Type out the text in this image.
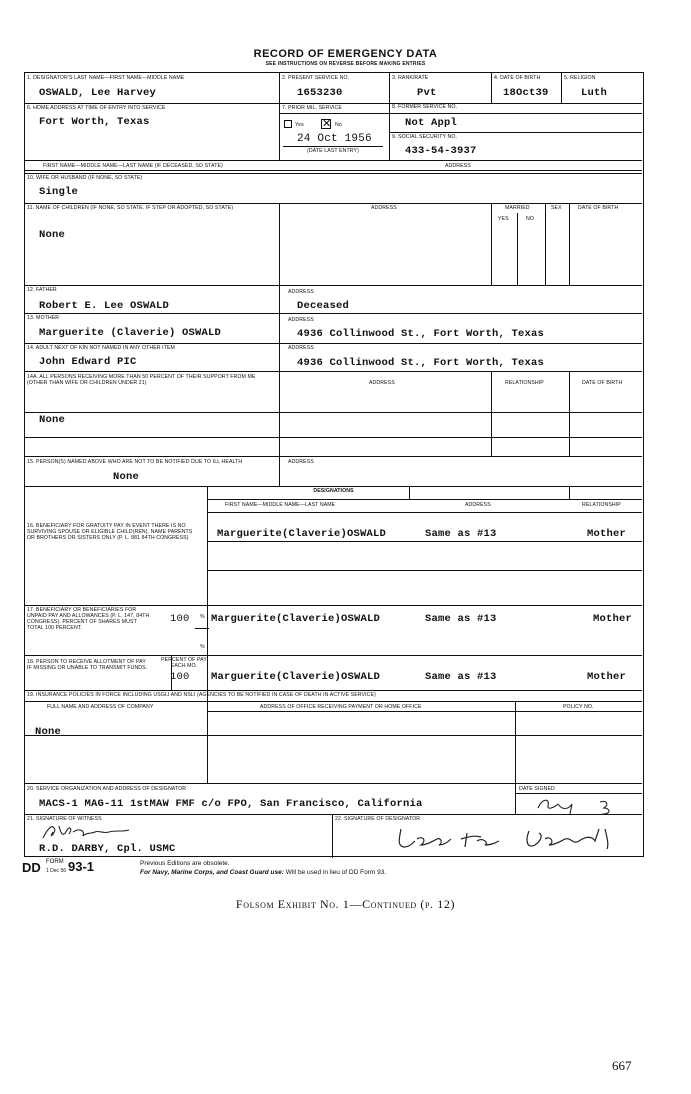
RECORD OF EMERGENCY DATA
SEE INSTRUCTIONS ON REVERSE BEFORE MAKING ENTRIES
1. DESIGNATOR'S LAST NAME—FIRST NAME—MIDDLE NAME
OSWALD, Lee Harvey
2. PRESENT SERVICE NO.
1653230
3. RANK/RATE
Pvt
4. DATE OF BIRTH
18Oct39
5. RELIGION
Luth
6. HOME ADDRESS AT TIME OF ENTRY INTO SERVICE
Fort Worth, Texas
7. PRIOR MIL. SERVICE
Yes ✕ No
24 Oct 1956
(DATE LAST ENTRY)
8. FORMER SERVICE NO.
Not Appl
9. SOCIAL SECURITY NO.
433-54-3937
FIRST NAME—MIDDLE NAME—LAST NAME (IF DECEASED, SO STATE)	ADDRESS
10. WIFE OR HUSBAND (IF NONE, SO STATE)
Single
11. NAME OF CHILDREN (IF NONE, SO STATE. IF STEP OR ADOPTED, SO STATE)	ADDRESS	MARRIED
YES	NO
SEX	DATE OF BIRTH
None
12. FATHER
Robert E. Lee OSWALD
ADDRESS
Deceased
13. MOTHER
Marguerite (Claverie) OSWALD
ADDRESS
4936 Collinwood St., Fort Worth, Texas
14. ADULT NEXT OF KIN NOT NAMED IN ANY OTHER ITEM
John Edward PIC
ADDRESS
4936 Collinwood St., Fort Worth, Texas
14A. ALL PERSONS RECEIVING MORE THAN 50 PERCENT OF THEIR SUPPORT FROM ME (OTHER THAN WIFE OR CHILDREN UNDER 21)	ADDRESS	RELATIONSHIP	DATE OF BIRTH
None
15. PERSON(S) NAMED ABOVE WHO ARE NOT TO BE NOTIFIED DUE TO ILL HEALTH
None
ADDRESS
DESIGNATIONS
FIRST NAME—MIDDLE NAME—LAST NAME	ADDRESS	RELATIONSHIP
16. BENEFICIARY FOR GRATUITY PAY IN EVENT THERE IS NO SURVIVING SPOUSE OR ELIGIBLE CHILD(REN). NAME PARENTS OR BROTHERS OR SISTERS ONLY (P. L. 881 84TH CONGRESS)	Marguerite(Claverie)OSWALD	Same as #13	Mother
17. BENEFICIARY OR BENEFICIARIES FOR UNPAID PAY AND ALLOWANCES (P. L. 147, 84TH CONGRESS). PERCENT OF SHARES MUST TOTAL 100 PERCENT.
100 %
%
Marguerite(Claverie)OSWALD	Same as #13	Mother
18. PERSON TO RECEIVE ALLOTMENT OF PAY IF MISSING OR UNABLE TO TRANSMIT FUNDS.
PERCENT OF PAY EACH MO.
100 Marguerite(Claverie)OSWALD	Same as #13	Mother
19. INSURANCE POLICIES IN FORCE INCLUDING USGLI AND NSLI (AGENCIES TO BE NOTIFIED IN CASE OF DEATH IN ACTIVE SERVICE)
FULL NAME AND ADDRESS OF COMPANY	ADDRESS OF OFFICE RECEIVING PAYMENT OR HOME OFFICE	POLICY NO.
None
20. SERVICE ORGANIZATION AND ADDRESS OF DESIGNATOR
MACS-1 MAG-11 1stMAW FMF c/o FPO, San Francisco, California
DATE SIGNED
21. SIGNATURE OF WITNESS
R.D. DARBY, Cpl. USMC
22. SIGNATURE OF DESIGNATOR
DD FORM
1 Dec 56 93-1	Previous Editions are obsolete.
For Navy, Marine Corps, and Coast Guard use: Will be used in lieu of DD Form 93.
Folsom Exhibit No. 1—Continued (p. 12)
667
